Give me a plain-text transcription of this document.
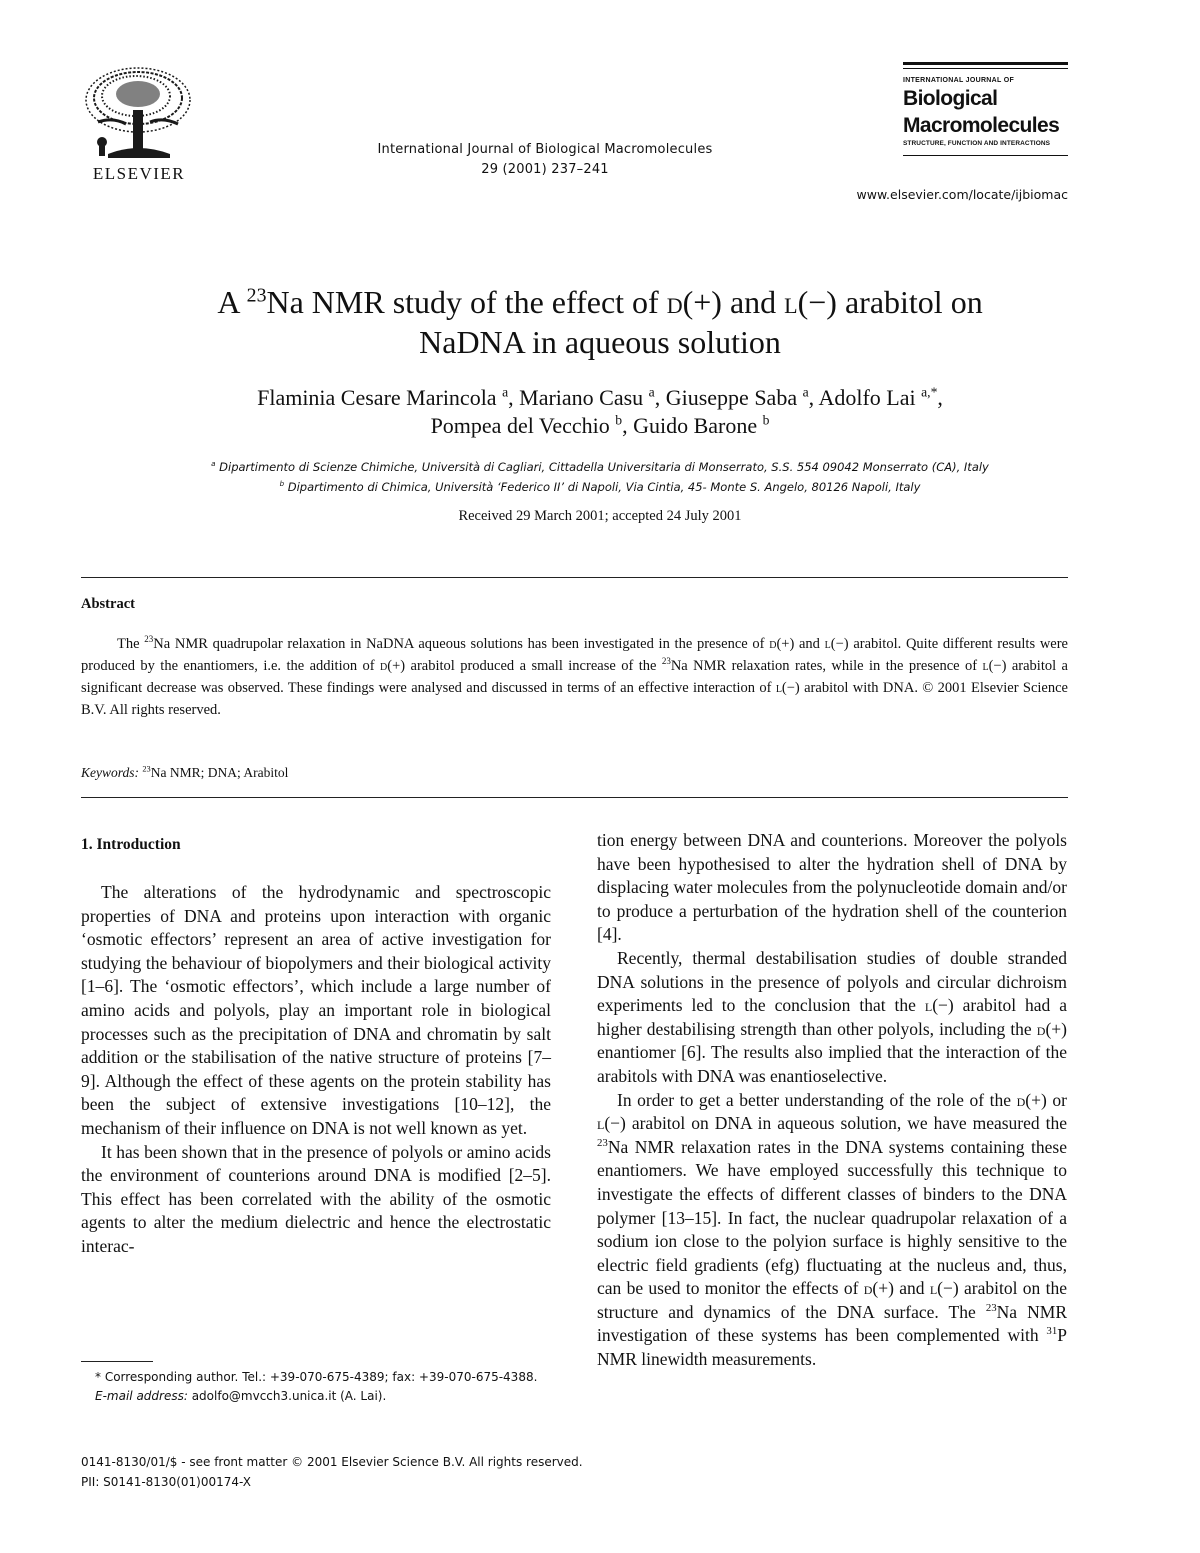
ELSEVIER
International Journal of Biological Macromolecules
29 (2001) 237–241
INTERNATIONAL JOURNAL OF
Biological
Macromolecules
STRUCTURE, FUNCTION AND INTERACTIONS
www.elsevier.com/locate/ijbiomac
A $^{23}$Na NMR study of the effect of d(+) and l(−) arabitol on
NaDNA in aqueous solution
Flaminia Cesare Marincola $^a$, Mariano Casu $^a$, Giuseppe Saba $^a$, Adolfo Lai $^{a,*}$,
Pompea del Vecchio $^b$, Guido Barone $^b$
$^a$ Dipartimento di Scienze Chimiche, Università di Cagliari, Cittadella Universitaria di Monserrato, S.S. 554 09042 Monserrato (CA), Italy
$^b$ Dipartimento di Chimica, Università ‘Federico II’ di Napoli, Via Cintia, 45- Monte S. Angelo, 80126 Napoli, Italy
Received 29 March 2001; accepted 24 July 2001
Abstract
The $^{23}$Na NMR quadrupolar relaxation in NaDNA aqueous solutions has been investigated in the presence of d(+) and l(−) arabitol. Quite different results were produced by the enantiomers, i.e. the addition of d(+) arabitol produced a small increase of the $^{23}$Na NMR relaxation rates, while in the presence of l(−) arabitol a significant decrease was observed. These findings were analysed and discussed in terms of an effective interaction of l(−) arabitol with DNA. © 2001 Elsevier Science B.V. All rights reserved.
Keywords: $^{23}$Na NMR; DNA; Arabitol
1. Introduction

The alterations of the hydrodynamic and spectroscopic properties of DNA and proteins upon interaction with organic ‘osmotic effectors’ represent an area of active investigation for studying the behaviour of biopolymers and their biological activity [1–6]. The ‘osmotic effectors’, which include a large number of amino acids and polyols, play an important role in biological processes such as the precipitation of DNA and chromatin by salt addition or the stabilisation of the native structure of proteins [7–9]. Although the effect of these agents on the protein stability has been the subject of extensive investigations [10–12], the mechanism of their influence on DNA is not well known as yet.

It has been shown that in the presence of polyols or amino acids the environment of counterions around DNA is modified [2–5]. This effect has been correlated with the ability of the osmotic agents to alter the medium dielectric and hence the electrostatic interac-

tion energy between DNA and counterions. Moreover the polyols have been hypothesised to alter the hydration shell of DNA by displacing water molecules from the polynucleotide domain and/or to produce a perturbation of the hydration shell of the counterion [4].

Recently, thermal destabilisation studies of double stranded DNA solutions in the presence of polyols and circular dichroism experiments led to the conclusion that the l(−) arabitol had a higher destabilising strength than other polyols, including the d(+) enantiomer [6]. The results also implied that the interaction of the arabitols with DNA was enantioselective.

In order to get a better understanding of the role of the d(+) or l(−) arabitol on DNA in aqueous solution, we have measured the $^{23}$Na NMR relaxation rates in the DNA systems containing these enantiomers. We have employed successfully this technique to investigate the effects of different classes of binders to the DNA polymer [13–15]. In fact, the nuclear quadrupolar relaxation of a sodium ion close to the polyion surface is highly sensitive to the electric field gradients (efg) fluctuating at the nucleus and, thus, can be used to monitor the effects of d(+) and l(−) arabitol on the structure and dynamics of the DNA surface. The $^{23}$Na NMR investigation of these systems has been complemented with $^{31}$P NMR linewidth measurements.

* Corresponding author. Tel.: +39-070-675-4389; fax: +39-070-675-4388.
E-mail address: adolfo@mvcch3.unica.it (A. Lai).
0141-8130/01/$ - see front matter © 2001 Elsevier Science B.V. All rights reserved.
PII: S0141-8130(01)00174-X
